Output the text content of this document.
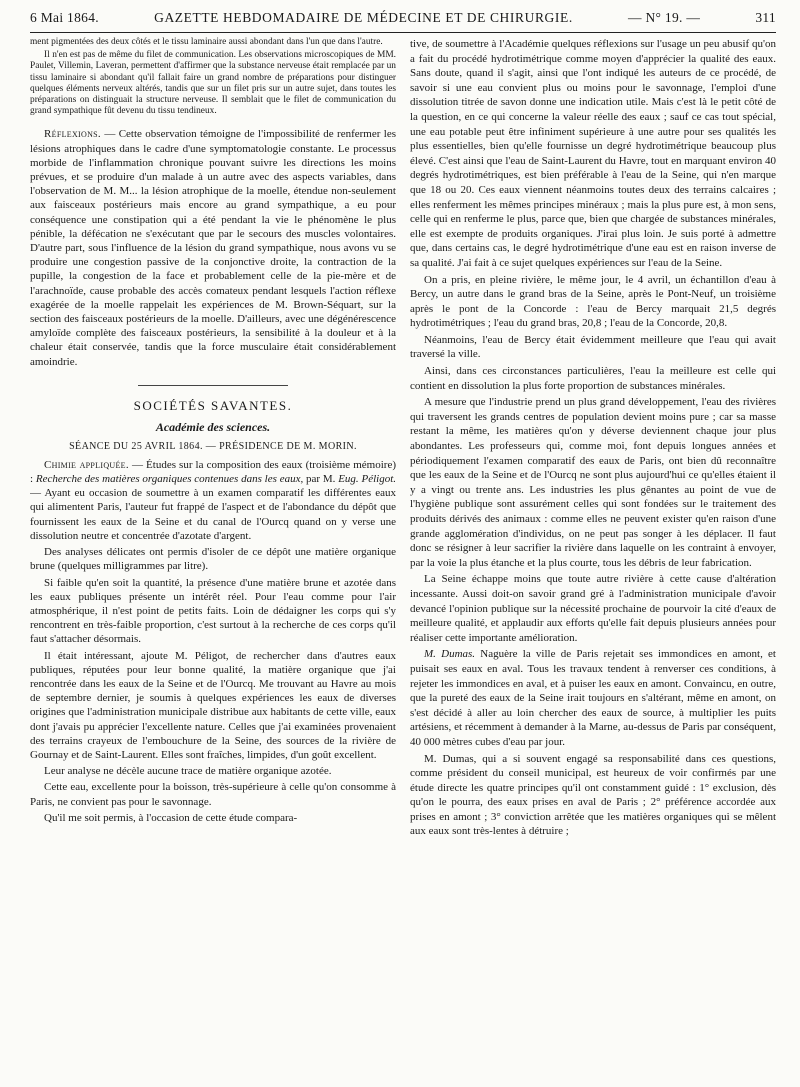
6 Mai 1864.	GAZETTE HEBDOMADAIRE DE MÉDECINE ET DE CHIRURGIE.	— N° 19. —	311

ment pigmentées des deux côtés et le tissu laminaire aussi abondant dans l'un que dans l'autre.

Il n'en est pas de même du filet de communication. Les observations microscopiques de MM. Paulet, Villemin, Laveran, permettent d'affirmer que la substance nerveuse était remplacée par un tissu laminaire si abondant qu'il fallait faire un grand nombre de préparations pour distinguer quelques éléments nerveux altérés, tandis que sur un filet pris sur un autre sujet, dans toutes les préparations on distinguait la structure nerveuse. Il semblait que le filet de communication du grand sympathique fût devenu du tissu tendineux.

Réflexions. — Cette observation témoigne de l'impossibilité de renfermer les lésions atrophiques dans le cadre d'une symptomatologie constante. Le processus morbide de l'inflammation chronique pouvant suivre les directions les moins prévues, et se produire d'un malade à un autre avec des aspects variables, dans l'observation de M. M... la lésion atrophique de la moelle, étendue non-seulement aux faisceaux postérieurs mais encore au grand sympathique, a eu pour conséquence une constipation qui a été pendant la vie le phénomène le plus pénible, la défécation ne s'exécutant que par le secours des muscles volontaires. D'autre part, sous l'influence de la lésion du grand sympathique, nous avons vu se produire une congestion passive de la conjonctive droite, la contraction de la pupille, la congestion de la face et probablement celle de la pie-mère et de l'arachnoïde, cause probable des accès comateux pendant lesquels l'action réflexe exagérée de la moelle rappelait les expériences de M. Brown-Séquart, sur la section des faisceaux postérieurs de la moelle. D'ailleurs, avec une dégénérescence amyloïde complète des faisceaux postérieurs, la sensibilité à la douleur et à la chaleur était conservée, tandis que la force musculaire était considérablement amoindrie.

SOCIÉTÉS SAVANTES.
Académie des sciences.
SÉANCE DU 25 AVRIL 1864. — PRÉSIDENCE DE M. MORIN.

Chimie appliquée. — Études sur la composition des eaux (troisième mémoire) : Recherche des matières organiques contenues dans les eaux, par M. Eug. Péligot. — Ayant eu occasion de soumettre à un examen comparatif les différentes eaux qui alimentent Paris, l'auteur fut frappé de l'aspect et de l'abondance du dépôt que fournissent les eaux de la Seine et du canal de l'Ourcq quand on y verse une dissolution neutre et concentrée d'azotate d'argent.

Des analyses délicates ont permis d'isoler de ce dépôt une matière organique brune (quelques milligrammes par litre).

Si faible qu'en soit la quantité, la présence d'une matière brune et azotée dans les eaux publiques présente un intérêt réel. Pour l'eau comme pour l'air atmosphérique, il n'est point de petits faits. Loin de dédaigner les corps qui s'y rencontrent en très-faible proportion, c'est surtout à la recherche de ces corps qu'il faut s'attacher désormais.

Il était intéressant, ajoute M. Péligot, de rechercher dans d'autres eaux publiques, réputées pour leur bonne qualité, la matière organique que j'ai rencontrée dans les eaux de la Seine et de l'Ourcq. Me trouvant au Havre au mois de septembre dernier, je soumis à quelques expériences les eaux de diverses origines que l'administration municipale distribue aux habitants de cette ville, eaux dont j'avais pu apprécier l'excellente nature. Celles que j'ai examinées provenaient des terrains crayeux de l'embouchure de la Seine, des sources de la rivière de Gournay et de Saint-Laurent. Elles sont fraîches, limpides, d'un goût excellent.

Leur analyse ne décèle aucune trace de matière organique azotée.

Cette eau, excellente pour la boisson, très-supérieure à celle qu'on consomme à Paris, ne convient pas pour le savonnage.

Qu'il me soit permis, à l'occasion de cette étude compara-

tive, de soumettre à l'Académie quelques réflexions sur l'usage un peu abusif qu'on a fait du procédé hydrotimétrique comme moyen d'apprécier la qualité des eaux. Sans doute, quand il s'agit, ainsi que l'ont indiqué les auteurs de ce procédé, de savoir si une eau convient plus ou moins pour le savonnage, l'emploi d'une dissolution titrée de savon donne une indication utile. Mais c'est là le petit côté de la question, en ce qui concerne la valeur réelle des eaux ; sauf ce cas tout spécial, une eau potable peut être infiniment supérieure à une autre pour ses qualités les plus essentielles, bien qu'elle fournisse un degré hydrotimétrique beaucoup plus élevé. C'est ainsi que l'eau de Saint-Laurent du Havre, tout en marquant environ 40 degrés hydrotimétriques, est bien préférable à l'eau de la Seine, qui n'en marque que 18 ou 20. Ces eaux viennent néanmoins toutes deux des terrains calcaires ; elles renferment les mêmes principes minéraux ; mais la plus pure est, à mon sens, celle qui en renferme le plus, parce que, bien que chargée de substances minérales, elle est exempte de produits organiques. J'irai plus loin. Je suis porté à admettre que, dans certains cas, le degré hydrotimétrique d'une eau est en raison inverse de sa qualité. J'ai fait à ce sujet quelques expériences sur l'eau de la Seine.

On a pris, en pleine rivière, le même jour, le 4 avril, un échantillon d'eau à Bercy, un autre dans le grand bras de la Seine, après le Pont-Neuf, un troisième après le pont de la Concorde : l'eau de Bercy marquait 21,5 degrés hydrotimétriques ; l'eau du grand bras, 20,8 ; l'eau de la Concorde, 20,8.

Néanmoins, l'eau de Bercy était évidemment meilleure que l'eau qui avait traversé la ville.

Ainsi, dans ces circonstances particulières, l'eau la meilleure est celle qui contient en dissolution la plus forte proportion de substances minérales.

A mesure que l'industrie prend un plus grand développement, l'eau des rivières qui traversent les grands centres de population devient moins pure ; car sa masse restant la même, les matières qu'on y déverse deviennent chaque jour plus abondantes. Les professeurs qui, comme moi, font depuis longues années et périodiquement l'examen comparatif des eaux de Paris, ont bien dû reconnaître que les eaux de la Seine et de l'Ourcq ne sont plus aujourd'hui ce qu'elles étaient il y a vingt ou trente ans. Les industries les plus gênantes au point de vue de l'hygiène publique sont assurément celles qui sont fondées sur le traitement des produits dérivés des animaux : comme elles ne peuvent exister qu'en raison d'une grande agglomération d'individus, on ne peut pas songer à les déplacer. Il faut donc se résigner à leur sacrifier la rivière dans laquelle on les contraint à envoyer, par la voie la plus étanche et la plus courte, tous les débris de leur fabrication.

La Seine échappe moins que toute autre rivière à cette cause d'altération incessante. Aussi doit-on savoir grand gré à l'administration municipale d'avoir devancé l'opinion publique sur la nécessité prochaine de pourvoir la cité d'eaux de meilleure qualité, et applaudir aux efforts qu'elle fait depuis plusieurs années pour réaliser cette importante amélioration.

M. Dumas. Naguère la ville de Paris rejetait ses immondices en amont, et puisait ses eaux en aval. Tous les travaux tendent à renverser ces conditions, à rejeter les immondices en aval, et à puiser les eaux en amont. Convaincu, en outre, que la pureté des eaux de la Seine irait toujours en s'altérant, même en amont, on s'est décidé à aller au loin chercher des eaux de source, à multiplier les puits artésiens, et récemment à demander à la Marne, au-dessus de Paris par conséquent, 40 000 mètres cubes d'eau par jour.

M. Dumas, qui a si souvent engagé sa responsabilité dans ces questions, comme président du conseil municipal, est heureux de voir confirmés par une étude directe les quatre principes qu'il ont constamment guidé : 1° exclusion, dès qu'on le pourra, des eaux prises en aval de Paris ; 2° préférence accordée aux prises en amont ; 3° conviction arrêtée que les matières organiques qui se mêlent aux eaux sont très-lentes à détruire ;
